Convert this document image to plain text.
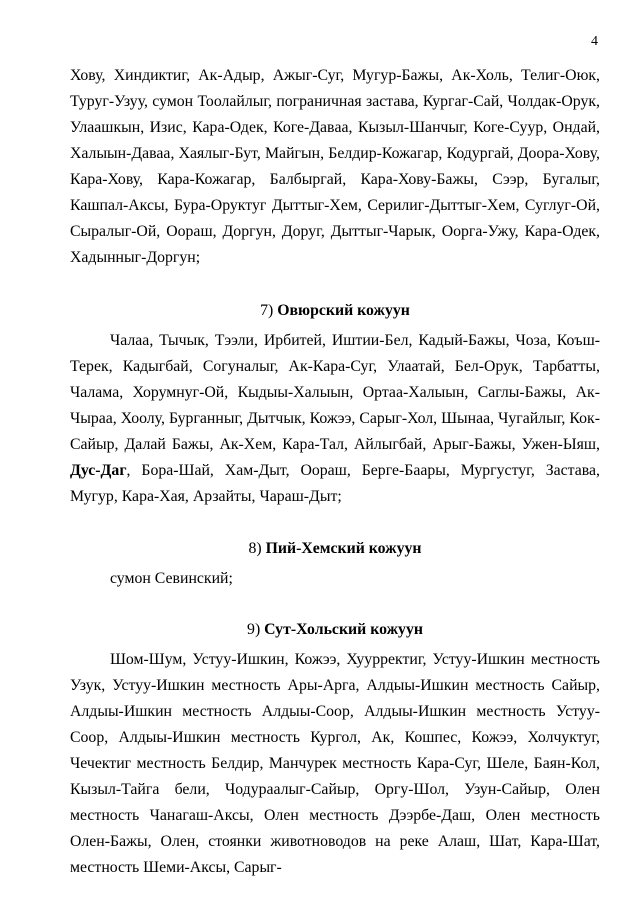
4

Хову, Хиндиктиг, Ак-Адыр, Ажыг-Суг, Мугур-Бажы, Ак-Холь, Телиг-Оюк, Туруг-Узуу, сумон Тоолайлыг, пограничная застава, Кургаг-Сай, Чолдак-Орук, Улаашкын, Изис, Кара-Одек, Коге-Давaa, Кызыл-Шанчыг, Коге-Суур, Ондай, Халыын-Даваа, Хаялыг-Бут, Майгын, Белдир-Кожагар, Кодургай, Доора-Хову, Кара-Хову, Кара-Кожагар, Балбыргай, Кара-Хову-Бажы, Сээр, Бугалыг, Кашпал-Аксы, Бура-Оруктуг Дыттыг-Хем, Серилиг-Дыттыг-Хем, Суглуг-Ой, Сыралыг-Ой, Оораш, Доргун, Доруг, Дыттыг-Чарык, Оорга-Ужу, Кара-Одек, Хадынныг-Доргун;

7) Овюрский кожуун

Чалаа, Тычык, Тээли, Ирбитей, Иштии-Бел, Кадый-Бажы, Чоза, Коъш-Терек, Кадыгбай, Согуналыг, Ак-Кара-Суг, Улаатай, Бел-Орук, Тарбатты, Чалама, Хорумнуг-Ой, Кыдыы-Халыын, Ортаа-Халыын, Саглы-Бажы, Ак-Чыраа, Хоолу, Бурганныг, Дытчык, Кожээ, Сарыг-Хол, Шынаа, Чугайлыг, Кок-Сайыр, Далай Бажы, Ак-Хем, Кара-Тал, Айлыгбай, Арыг-Бажы, Ужен-Ыяш, Дус-Даг, Бора-Шай, Хам-Дыт, Оораш, Берге-Баары, Мургустуг, Застава, Мугур, Кара-Хая, Арзайты, Чараш-Дыт;

8) Пий-Хемский кожуун

сумон Севинский;

9) Сут-Хольский кожуун

Шом-Шум, Устуу-Ишкин, Кожээ, Хуурректиг, Устуу-Ишкин местность Узук, Устуу-Ишкин местность Ары-Арга, Алдыы-Ишкин местность Сайыр, Алдыы-Ишкин местность Алдыы-Соор, Алдыы-Ишкин местность Устуу-Соор, Алдыы-Ишкин местность Кургол, Ак, Кошпес, Кожээ, Холчуктуг, Чечектиг местность Белдир, Манчурек местность Кара-Суг, Шеле, Баян-Кол, Кызыл-Тайга бели, Чодураалыг-Сайыр, Оргу-Шол, Узун-Сайыр, Олен местность Чанагаш-Аксы, Олен местность Дээрбе-Даш, Олен местность Олен-Бажы, Олен, стоянки животноводов на реке Алаш, Шат, Кара-Шат, местность Шеми-Аксы, Сарыг-
